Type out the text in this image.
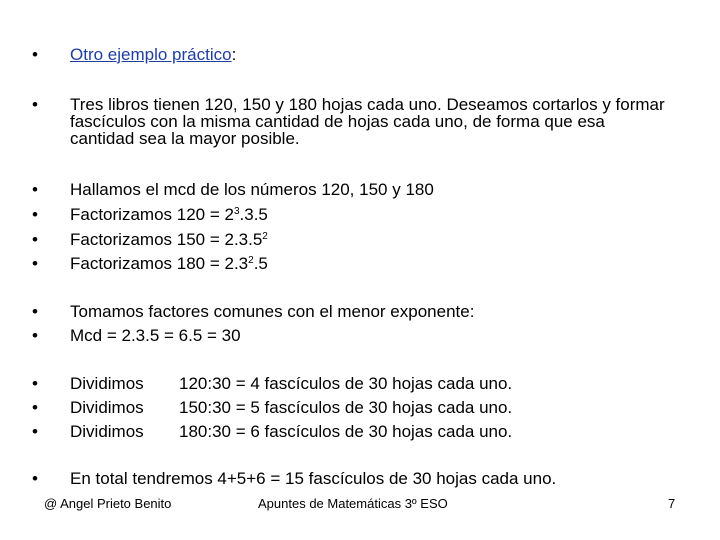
• Otro ejemplo práctico:
• Tres libros tienen 120, 150 y 180 hojas cada uno. Deseamos cortarlos y formar fascículos con la misma cantidad de hojas cada uno, de forma que esa cantidad sea la mayor posible.
• Hallamos el mcd de los números 120, 150 y 180
• Factorizamos $120 = 2^3.3.5$
• Factorizamos $150 = 2.3.5^2$
• Factorizamos $180 = 2.3^2.5$
• Tomamos factores comunes con el menor exponente:
• Mcd = 2.3.5 = 6.5 = 30
• Dividimos 120:30 = 4 fascículos de 30 hojas cada uno.
• Dividimos 150:30 = 5 fascículos de 30 hojas cada uno.
• Dividimos 180:30 = 6 fascículos de 30 hojas cada uno.
• En total tendremos 4+5+6 = 15 fascículos de 30 hojas cada uno.
@ Angel Prieto Benito	Apuntes de Matemáticas 3º ESO	7
